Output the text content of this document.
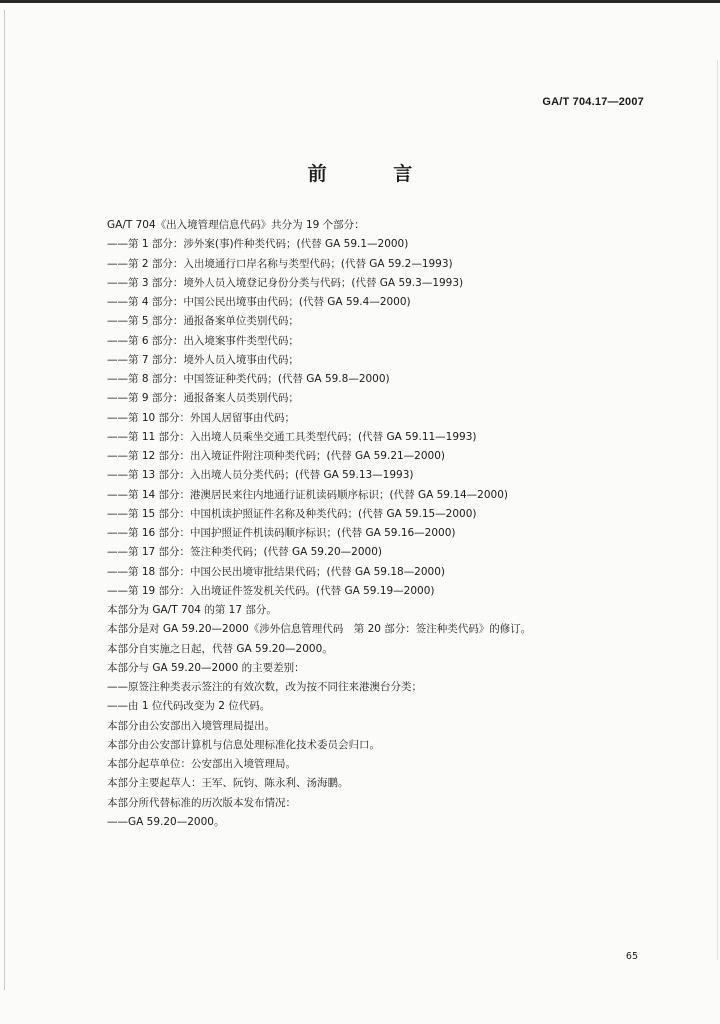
GA/T 704.17—2007
前 言
GA/T 704《出入境管理信息代码》共分为 19 个部分：
——第 1 部分：涉外案(事)件种类代码；(代替 GA 59.1—2000)
——第 2 部分：入出境通行口岸名称与类型代码；(代替 GA 59.2—1993)
——第 3 部分：境外人员入境登记身份分类与代码；(代替 GA 59.3—1993)
——第 4 部分：中国公民出境事由代码；(代替 GA 59.4—2000)
——第 5 部分：通报备案单位类别代码；
——第 6 部分：出入境案事件类型代码；
——第 7 部分：境外人员入境事由代码；
——第 8 部分：中国签证种类代码；(代替 GA 59.8—2000)
——第 9 部分：通报备案人员类别代码；
——第 10 部分：外国人居留事由代码；
——第 11 部分：入出境人员乘坐交通工具类型代码；(代替 GA 59.11—1993)
——第 12 部分：出入境证件附注项种类代码；(代替 GA 59.21—2000)
——第 13 部分：入出境人员分类代码；(代替 GA 59.13—1993)
——第 14 部分：港澳居民来往内地通行证机读码顺序标识；(代替 GA 59.14—2000)
——第 15 部分：中国机读护照证件名称及种类代码；(代替 GA 59.15—2000)
——第 16 部分：中国护照证件机读码顺序标识；(代替 GA 59.16—2000)
——第 17 部分：签注种类代码；(代替 GA 59.20—2000)
——第 18 部分：中国公民出境审批结果代码；(代替 GA 59.18—2000)
——第 19 部分：入出境证件签发机关代码。(代替 GA 59.19—2000)
本部分为 GA/T 704 的第 17 部分。
本部分是对 GA 59.20—2000《涉外信息管理代码　第 20 部分：签注种类代码》的修订。
本部分自实施之日起，代替 GA 59.20—2000。
本部分与 GA 59.20—2000 的主要差别：
——原签注种类表示签注的有效次数，改为按不同往来港澳台分类；
——由 1 位代码改变为 2 位代码。
本部分由公安部出入境管理局提出。
本部分由公安部计算机与信息处理标准化技术委员会归口。
本部分起草单位：公安部出入境管理局。
本部分主要起草人：王军、阮钧、陈永利、汤海鹏。
本部分所代替标准的历次版本发布情况：
——GA 59.20—2000。
65
